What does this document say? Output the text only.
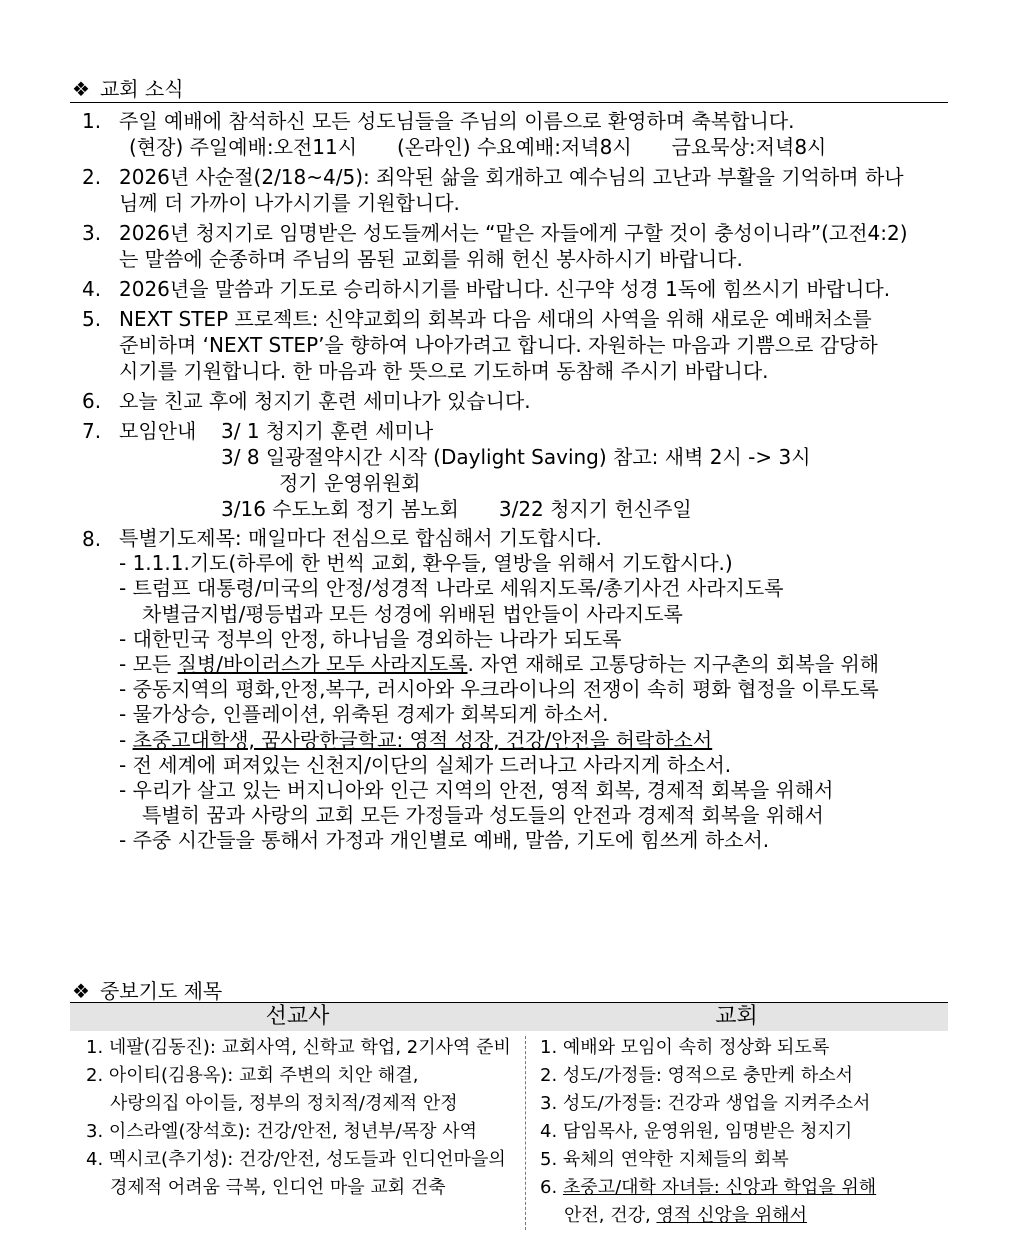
❖ 교회 소식
1. 주일 예배에 참석하신 모든 성도님들을 주님의 이름으로 환영하며 축복합니다.
(현장) 주일예배:오전11시　　(온라인) 수요예배:저녁8시　　금요묵상:저녁8시
2. 2026년 사순절(2/18~4/5): 죄악된 삶을 회개하고 예수님의 고난과 부활을 기억하며 하나
님께 더 가까이 나가시기를 기원합니다.
3. 2026년 청지기로 임명받은 성도들께서는 “맡은 자들에게 구할 것이 충성이니라”(고전4:2)
는 말씀에 순종하며 주님의 몸된 교회를 위해 헌신 봉사하시기 바랍니다.
4. 2026년을 말씀과 기도로 승리하시기를 바랍니다. 신구약 성경 1독에 힘쓰시기 바랍니다.
5. NEXT STEP 프로젝트: 신약교회의 회복과 다음 세대의 사역을 위해 새로운 예배처소를
준비하며 ‘NEXT STEP’을 향하여 나아가려고 합니다. 자원하는 마음과 기쁨으로 감당하
시기를 기원합니다. 한 마음과 한 뜻으로 기도하며 동참해 주시기 바랍니다.
6. 오늘 친교 후에 청지기 훈련 세미나가 있습니다.
7. 모임안내 3/ 1 청지기 훈련 세미나
3/ 8 일광절약시간 시작 (Daylight Saving) 참고: 새벽 2시 -> 3시
정기 운영위원회
3/16 수도노회 정기 봄노회　　3/22 청지기 헌신주일
8. 특별기도제목: 매일마다 전심으로 합심해서 기도합시다.
- 1.1.1.기도(하루에 한 번씩 교회, 환우들, 열방을 위해서 기도합시다.)
- 트럼프 대통령/미국의 안정/성경적 나라로 세워지도록/총기사건 사라지도록
차별금지법/평등법과 모든 성경에 위배된 법안들이 사라지도록
- 대한민국 정부의 안정, 하나님을 경외하는 나라가 되도록
- 모든 질병/바이러스가 모두 사라지도록. 자연 재해로 고통당하는 지구촌의 회복을 위해
- 중동지역의 평화,안정,복구, 러시아와 우크라이나의 전쟁이 속히 평화 협정을 이루도록
- 물가상승, 인플레이션, 위축된 경제가 회복되게 하소서.
- 초중고대학생, 꿈사랑한글학교: 영적 성장, 건강/안전을 허락하소서
- 전 세계에 퍼져있는 신천지/이단의 실체가 드러나고 사라지게 하소서.
- 우리가 살고 있는 버지니아와 인근 지역의 안전, 영적 회복, 경제적 회복을 위해서
특별히 꿈과 사랑의 교회 모든 가정들과 성도들의 안전과 경제적 회복을 위해서
- 주중 시간들을 통해서 가정과 개인별로 예배, 말씀, 기도에 힘쓰게 하소서.
❖ 중보기도 제목
선교사	교회
1. 네팔(김동진): 교회사역, 신학교 학업, 2기사역 준비
2. 아이티(김용옥): 교회 주변의 치안 해결,
사랑의집 아이들, 정부의 정치적/경제적 안정
3. 이스라엘(장석호): 건강/안전, 청년부/목장 사역
4. 멕시코(추기성): 건강/안전, 성도들과 인디언마을의
경제적 어려움 극복, 인디언 마을 교회 건축
1. 예배와 모임이 속히 정상화 되도록
2. 성도/가정들: 영적으로 충만케 하소서
3. 성도/가정들: 건강과 생업을 지켜주소서
4. 담임목사, 운영위원, 임명받은 청지기
5. 육체의 연약한 지체들의 회복
6. 초중고/대학 자녀들: 신앙과 학업을 위해
안전, 건강, 영적 신앙을 위해서
